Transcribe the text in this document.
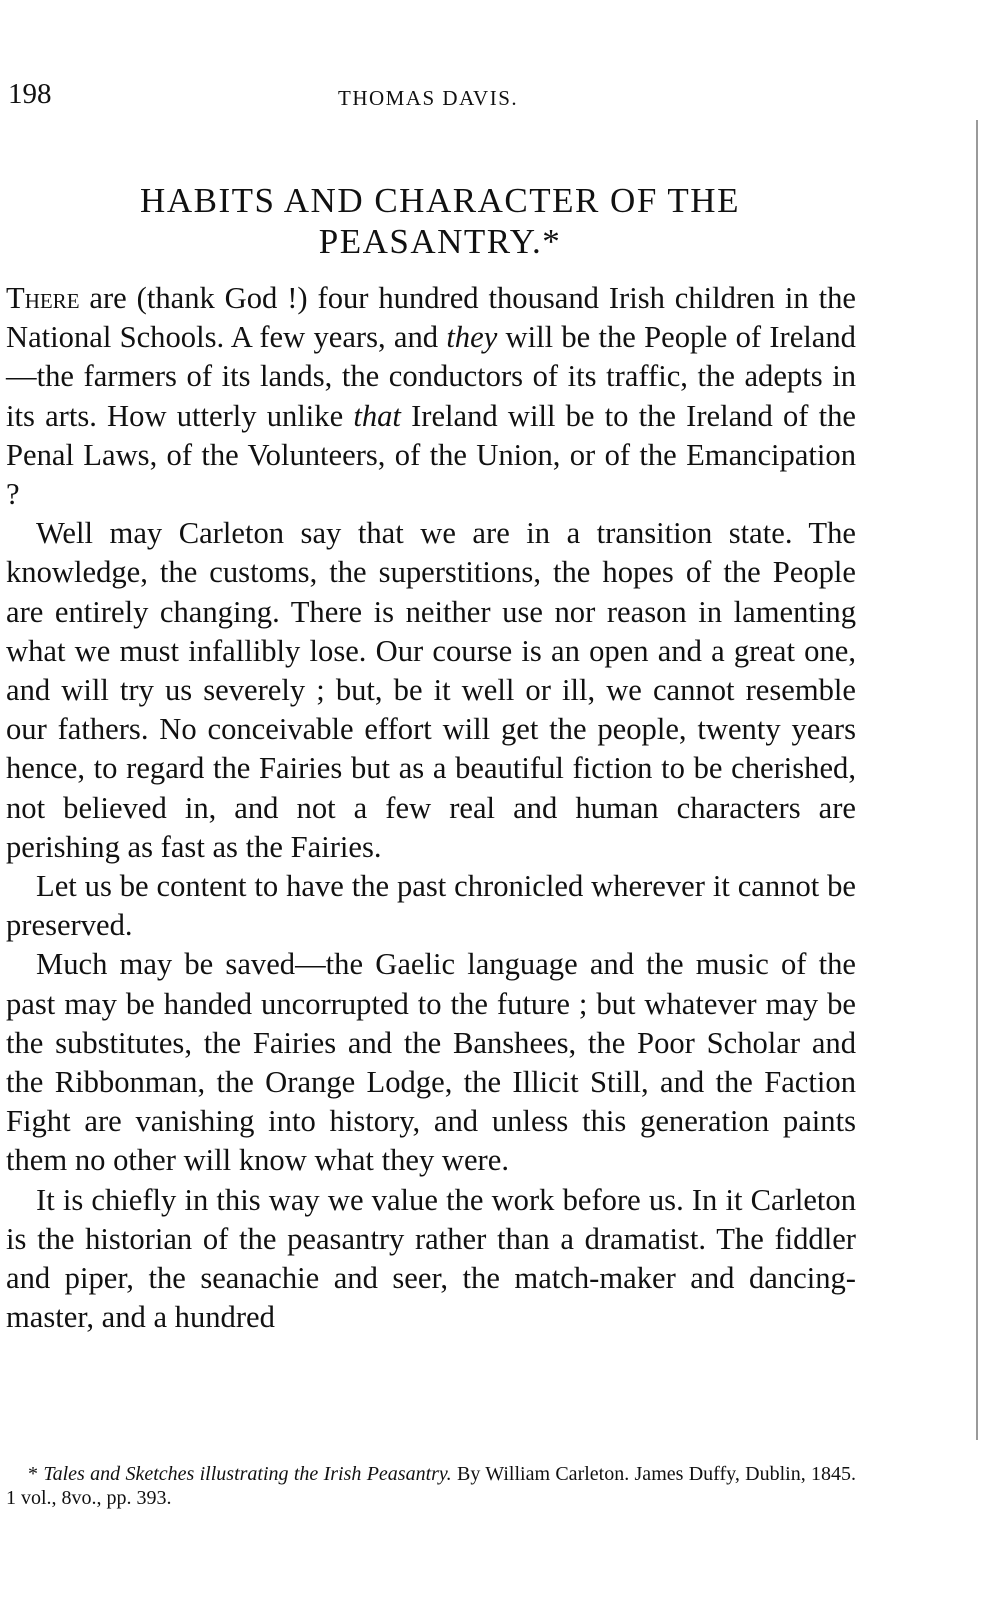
198	THOMAS DAVIS.
HABITS AND CHARACTER OF THE
PEASANTRY.*

There are (thank God !) four hundred thousand Irish children in the National Schools. A few years, and they will be the People of Ireland—the farmers of its lands, the conductors of its traffic, the adepts in its arts. How utterly unlike that Ireland will be to the Ireland of the Penal Laws, of the Volunteers, of the Union, or of the Emancipation ?

Well may Carleton say that we are in a transition state. The knowledge, the customs, the superstitions, the hopes of the People are entirely changing. There is neither use nor reason in lamenting what we must infallibly lose. Our course is an open and a great one, and will try us severely ; but, be it well or ill, we cannot resemble our fathers. No conceivable effort will get the people, twenty years hence, to regard the Fairies but as a beautiful fiction to be cherished, not believed in, and not a few real and human characters are perishing as fast as the Fairies.

Let us be content to have the past chronicled wherever it cannot be preserved.

Much may be saved—the Gaelic language and the music of the past may be handed uncorrupted to the future ; but whatever may be the substitutes, the Fairies and the Banshees, the Poor Scholar and the Ribbonman, the Orange Lodge, the Illicit Still, and the Faction Fight are vanishing into history, and unless this generation paints them no other will know what they were.

It is chiefly in this way we value the work before us. In it Carleton is the historian of the peasantry rather than a dramatist. The fiddler and piper, the seanachie and seer, the match-maker and dancing-master, and a hundred

* Tales and Sketches illustrating the Irish Peasantry. By William Carleton. James Duffy, Dublin, 1845. 1 vol., 8vo., pp. 393.
